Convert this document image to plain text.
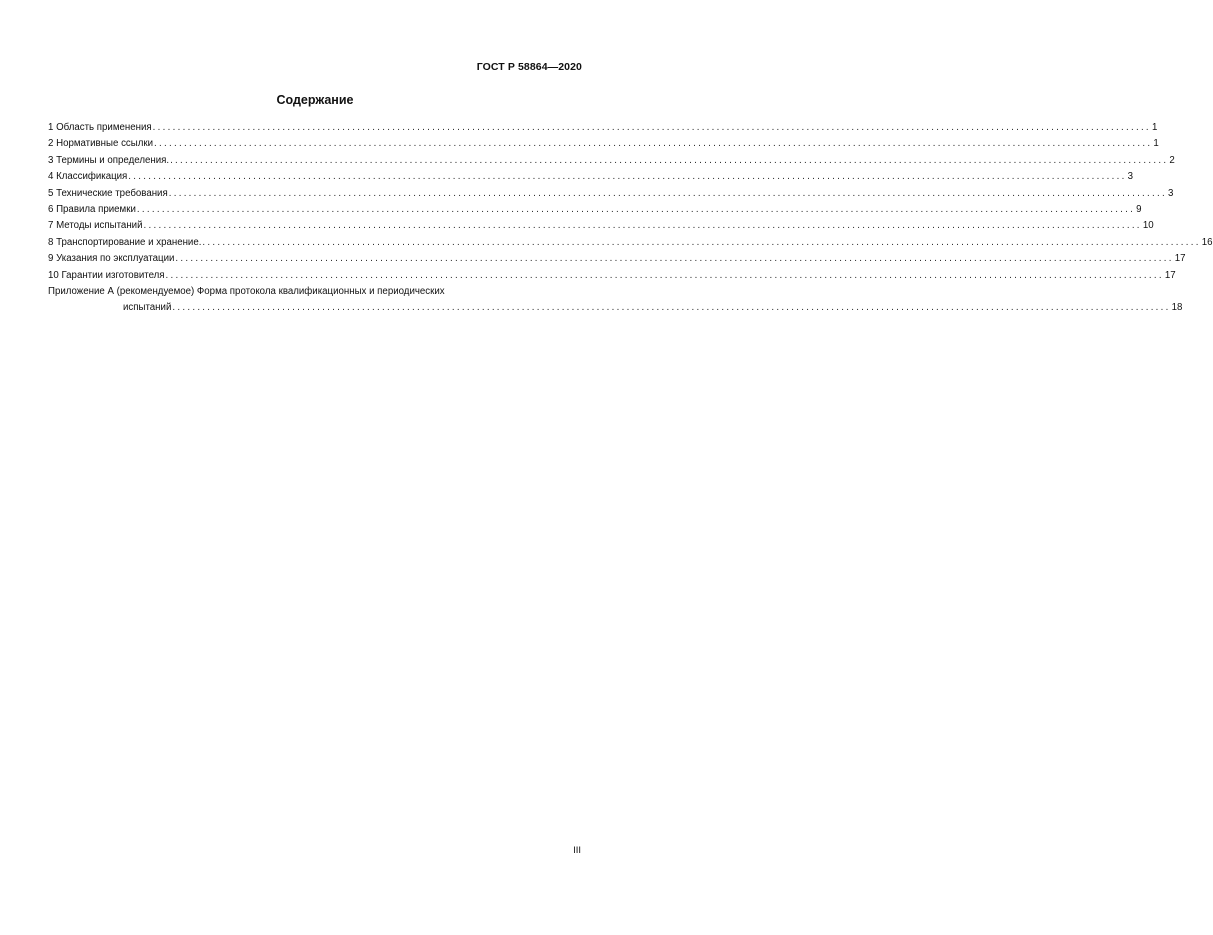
ГОСТ Р 58864—2020
Содержание
1 Область применения ........................................................................................................................................................................................................ 1
2 Нормативные ссылки ........................................................................................................................................................................................................ 1
3 Термины и определения. ........................................................................................................................................................................................................ 2
4 Классификация ........................................................................................................................................................................................................ 3
5 Технические требования ........................................................................................................................................................................................................ 3
6 Правила приемки ........................................................................................................................................................................................................ 9
7 Методы испытаний ........................................................................................................................................................................................................ 10
8 Транспортирование и хранение. ........................................................................................................................................................................................................ 16
9 Указания по эксплуатации ........................................................................................................................................................................................................ 17
10 Гарантии изготовителя ........................................................................................................................................................................................................ 17
Приложение А (рекомендуемое) Форма протокола квалификационных и периодических
испытаний ........................................................................................................................................................................................................ 18
III
